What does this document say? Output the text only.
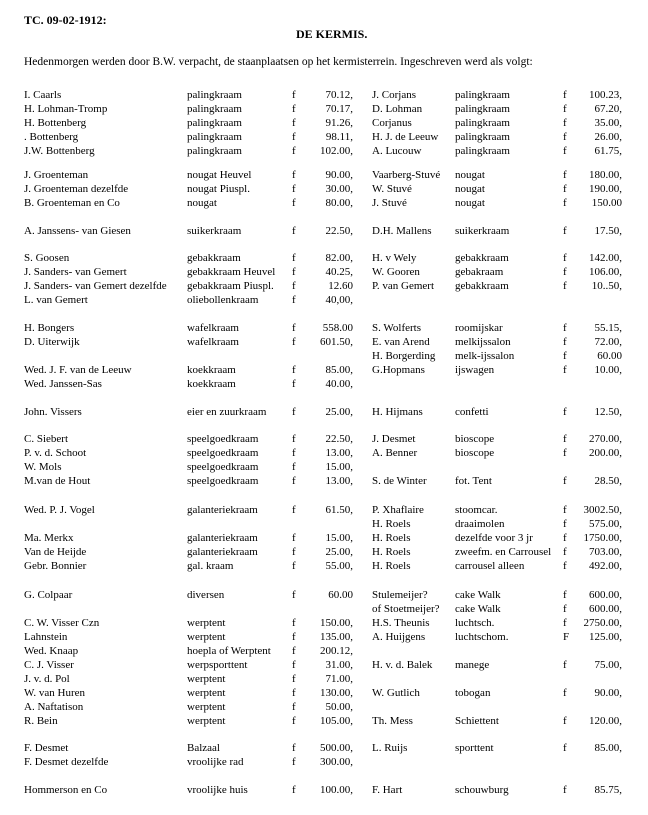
TC. 09-02-1912:
DE KERMIS.
Hedenmorgen werden door B.W. verpacht, de staanplaatsen op het kermisterrein. Ingeschreven werd als volgt:
I. Caarls	palingkraam	f	70.12, J. Corjans	palingkraam	f	100.23,
H. Lohman-Tromp	palingkraam	f	70.17, D. Lohman	palingkraam	f	67.20,
H. Bottenberg	palingkraam	f	91.26, Corjanus	palingkraam	f	35.00,
. Bottenberg	palingkraam	f	98.11, H. J. de Leeuw palingkraam	f	26.00,
J.W. Bottenberg	palingkraam	f	102.00, A. Lucouw	palingkraam	f	61.75,
J. Groenteman	nougat Heuvel	f	90.00, Vaarberg-Stuvé nougat	f	180.00,
J. Groenteman dezelfde	nougat Piuspl.	f	30.00, W. Stuvé	nougat	f	190.00,
B. Groenteman en Co	nougat	f	80.00, J. Stuvé	nougat	f	150.00
A. Janssens- van Giesen	suikerkraam	f	22.50, D.H. Mallens suikerkraam	f	17.50,
S. Goosen	gebakkraam	f	82.00, H. v Wely	gebakkraam	f	142.00,
J. Sanders- van Gemert	gebakkraam Heuvel f	40.25, W. Gooren	gebakraam	f	106.00,
J. Sanders- van Gemert dezelfde gebakkraam Piuspl. f	12.60 P. van Gemert gebakkraam	f	10..50,
L. van Gemert	oliebollenkraam	f	40,00,
H. Bongers	wafelkraam	f	558.00 S. Wolferts	roomijskar	f	55.15,
D. Uiterwijk	wafelkraam	f	601.50, E. van Arend melkijssalon	f	72.00,
H. Borgerding melk-ijssalon	f	60.00
Wed. J. F. van de Leeuw	koekkraam	f	85.00, G.Hopmans	ijswagen	f	10.00,
Wed. Janssen-Sas	koekkraam	f	40.00,
John. Vissers	eier en zuurkraam f	25.00, H. Hijmans	confetti	f	12.50,
C. Siebert	speelgoedkraam	f	22.50, J. Desmet	bioscope	f	270.00,
P. v. d. Schoot	speelgoedkraam	f	13.00, A. Benner	bioscope	f	200.00,
W. Mols	speelgoedkraam	f	15.00,
M.van de Hout	speelgoedkraam	f	13.00, S. de Winter	fot. Tent	f	28.50,
Wed. P. J. Vogel	galanteriekraam	f	61.50, P. Xhaflaire	stoomcar.	f	3002.50,
H. Roels	draaimolen	f	575.00,
Ma. Merkx	galanteriekraam	f	15.00, H. Roels	dezelfde voor 3 jr	f	1750.00,
Van de Heijde	galanteriekraam	f	25.00, H. Roels	zweefm. en Carrousel f	703.00,
Gebr. Bonnier	gal. kraam	f	55.00, H. Roels	carrousel alleen	f	492.00,
G. Colpaar	diversen	f	60.00 Stulemeijer? cake Walk	f	600.00,
of Stoetmeijer? cake Walk	f	600.00,
C. W. Visser Czn	werptent	f	150.00, H.S. Theunis luchtsch.	f	2750.00,
Lahnstein	werptent	f	135.00, A. Huijgens	luchtschom.	F	125.00,
Wed. Knaap	hoepla of Werptent f	200.12,
C. J. Visser	werpsporttent	f	31.00, H. v. d. Balek manege	f	75.00,
J. v. d. Pol	werptent	f	71.00,
W. van Huren	werptent	f	130.00, W. Gutlich	tobogan	f	90.00,
A. Naftatison	werptent	f	50.00,
R. Bein	werptent	f	105.00, Th. Mess	Schiettent	f	120.00,
F. Desmet	Balzaal	f	500.00, L. Ruijs	sporttent	f	85.00,
F. Desmet dezelfde	vroolijke rad	f	300.00,
Hommerson en Co	vroolijke huis	f	100.00, F. Hart	schouwburg	f	85.75,
